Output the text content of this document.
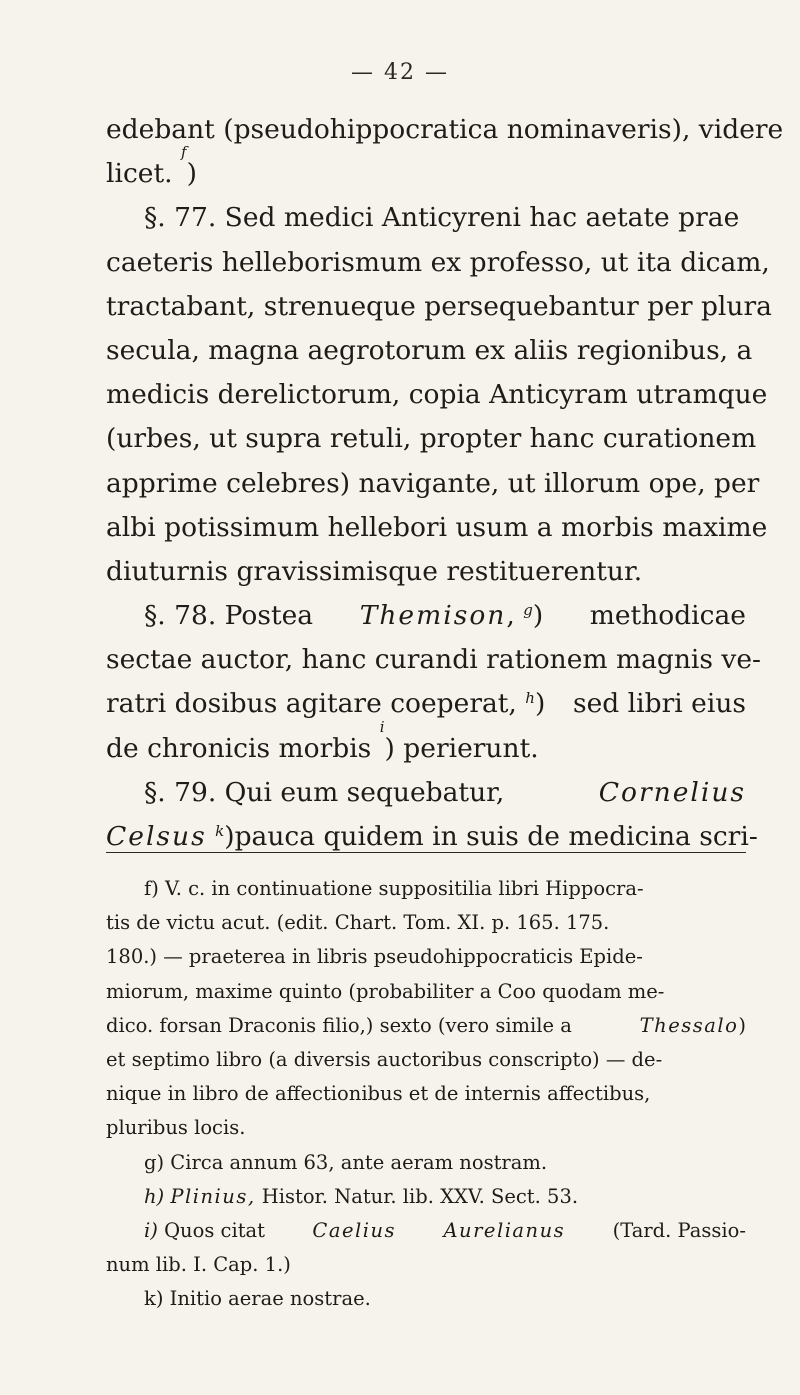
— 42 —
edebant (pseudohippocratica nominaveris), videre
licet.

f
)
§. 77. Sed medici Anticyreni hac aetate prae
caeteris helleborismum ex professo, ut ita dicam,
tractabant, strenueque persequebantur per plura
secula, magna aegrotorum ex aliis regionibus, a
medicis derelictorum, copia Anticyram utramque
(urbes, ut supra retuli, propter hanc curationem
apprime celebres) navigante, ut illorum ope, per
albi potissimum hellebori usum a morbis maxime
diuturnis gravissimisque restituerentur.
§. 78. Postea Themison, $^g$) methodicae
sectae auctor, hanc curandi rationem magnis ve-
ratri dosibus agitare coeperat, $^h$) sed libri eius
de chronicis morbis

i
) perierunt.
§. 79. Qui eum sequebatur,	Cornelius
Celsus $^k$) pauca quidem in suis de medicina scri-
f) V. c. in continuatione suppositilia libri Hippocra-
tis de victu acut. (edit. Chart. Tom. XI. p. 165. 175.
180.) — praeterea in libris pseudohippocraticis Epide-
miorum, maxime quinto (probabiliter a Coo quodam me-
dico. forsan Draconis filio,) sexto (vero simile a	Thessalo)
et septimo libro (a diversis auctoribus conscripto) — de-
nique in libro de affectionibus et de internis affectibus,
pluribus locis.
g) Circa annum 63, ante aeram nostram.
h)
Plinius,
Histor. Natur. lib. XXV. Sect. 53.
i) Quos citat Caelius Aurelianus (Tard. Passio-
num lib. I. Cap. 1.)
k) Initio aerae nostrae.
